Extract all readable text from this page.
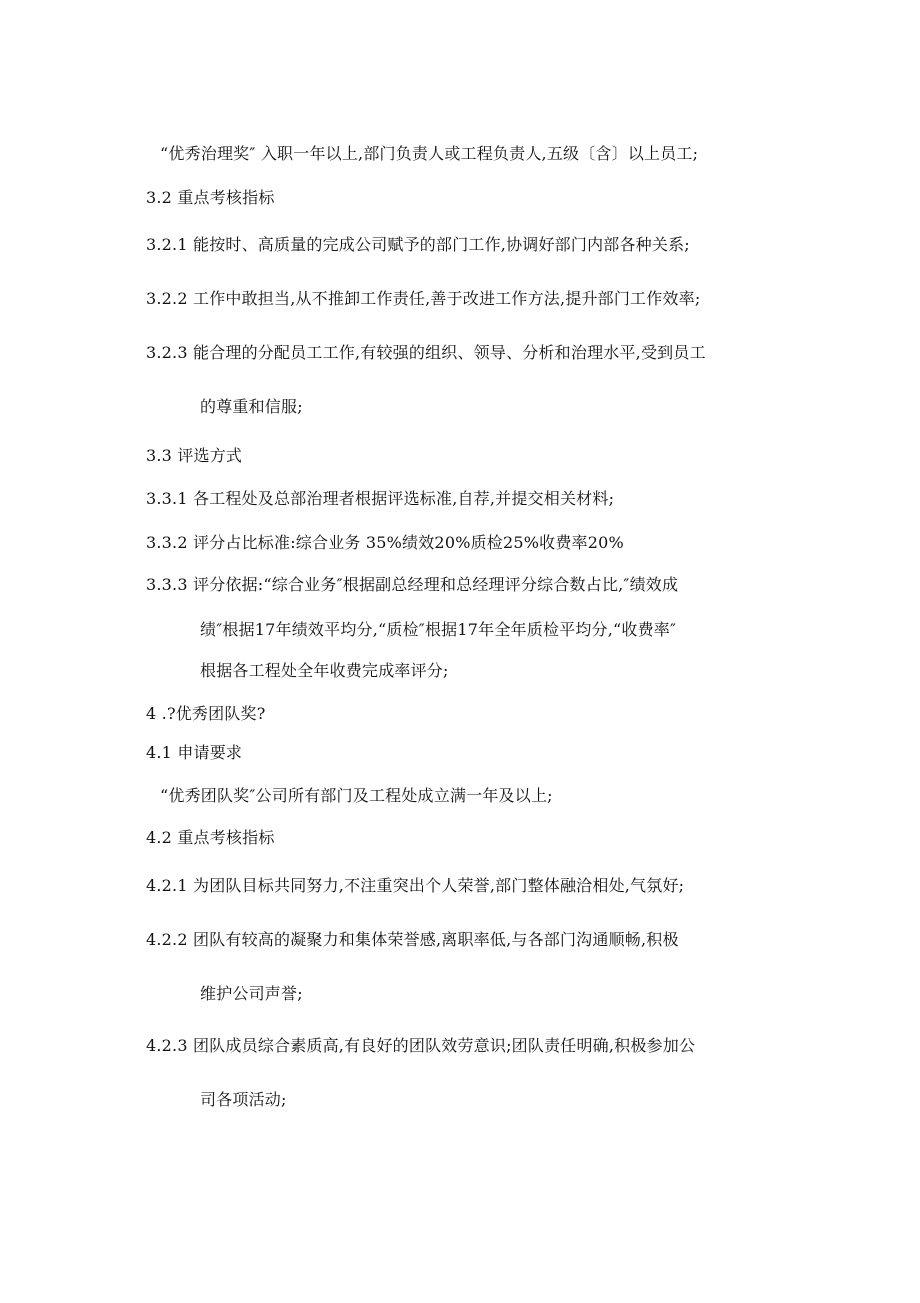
“优秀治理奖″ 入职一年以上,部门负责人或工程负责人,五级〔含〕以上员工;
3.2 重点考核指标
3.2.1 能按时、高质量的完成公司赋予的部门工作,协调好部门内部各种关系;
3.2.2 工作中敢担当,从不推卸工作责任,善于改进工作方法,提升部门工作效率;
3.2.3 能合理的分配员工工作,有较强的组织、领导、分析和治理水平,受到员工
的尊重和信服;
3.3 评选方式
3.3.1 各工程处及总部治理者根据评选标准,自荐,并提交相关材料;
3.3.2 评分占比标准:综合业务 35%绩效20%质检25%收费率20%
3.3.3 评分依据:“综合业务″根据副总经理和总经理评分综合数占比,″绩效成
绩″根据17年绩效平均分,“质检″根据17年全年质检平均分,“收费率″
根据各工程处全年收费完成率评分;
4 .?优秀团队奖?
4.1 申请要求
“优秀团队奖″公司所有部门及工程处成立满一年及以上;
4.2 重点考核指标
4.2.1 为团队目标共同努力,不注重突出个人荣誉,部门整体融洽相处,气氛好;
4.2.2 团队有较高的凝聚力和集体荣誉感,离职率低,与各部门沟通顺畅,积极
维护公司声誉;
4.2.3 团队成员综合素质高,有良好的团队效劳意识;团队责任明确,积极参加公
司各项活动;
